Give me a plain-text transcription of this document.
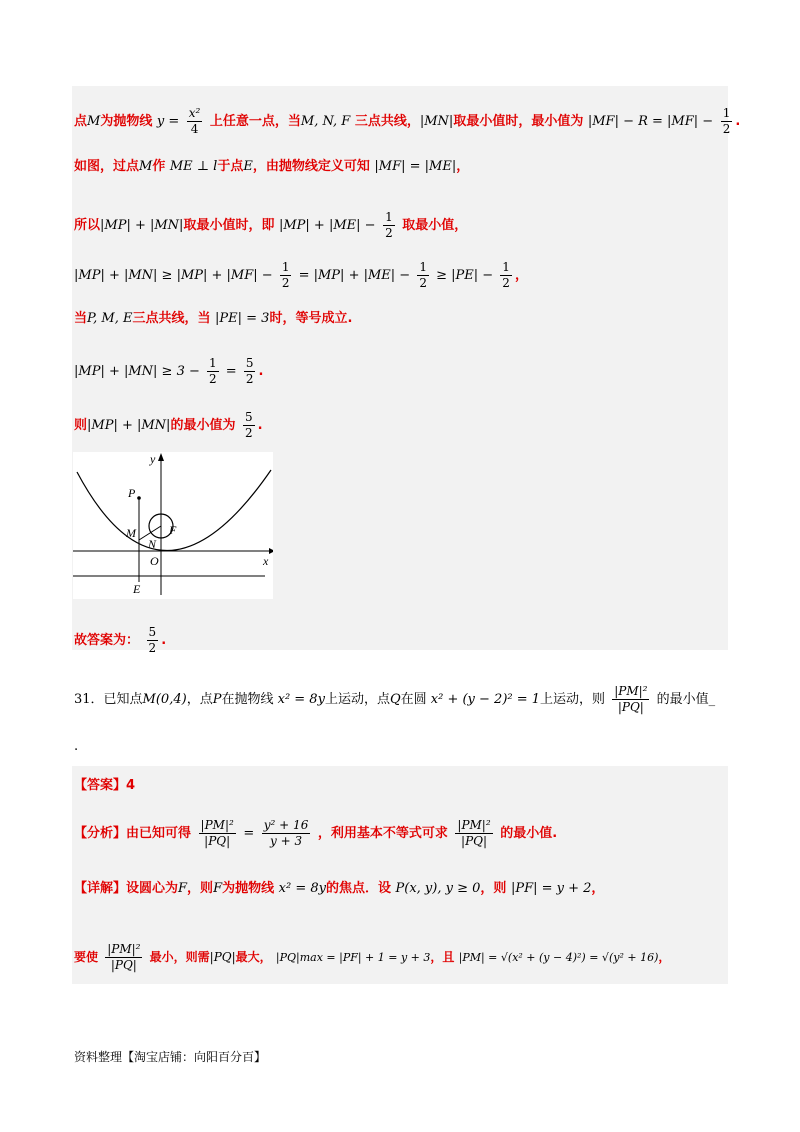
点M为抛物线 $y = \frac{\text{x²}}{4}$ 上任意一点，当M, N, F 三点共线，|MN|取最小值时，最小值为 $|MF| - R = |MF| - \frac{1}{2}$ .
如图，过点M作 ME ⊥ l于点E，由抛物线定义可知 |MF| = |ME|，
所以|MP| + |MN|取最小值时，即 $|MP| + |ME| - \frac{1}{2}$ 取最小值，
$|MP| + |MN| \ge |MP| + |MF| - \frac{1}{2} = |MP| + |ME| - \frac{1}{2} \ge |PE| - \frac{1}{2}$ ，
当P, M, E三点共线，当 |PE| = 3时，等号成立.
$|MP| + |MN| \ge 3 - \frac{1}{2} = \frac{5}{2}$ .
则|MP| + |MN|的最小值为 $\frac{5}{2}$ .
P
M	F
N
O
E
y
x
故答案为： $\frac{5}{2}$ .
31．已知点M(0,4)，点P在抛物线 x² = 8y上运动，点Q在圆 x² + (y − 2)² = 1上运动，则 $\frac{\text{|PM|²}}{|PQ|}$ 的最小值_
.
【答案】4
【分析】由已知可得 $\frac{\text{|PM|²}}{|PQ|} = \frac{\text{y² + 16}}{y + 3}$ ，利用基本不等式可求 $\frac{\text{|PM|²}}{|PQ|}$ 的最小值.
【详解】设圆心为F，则F为抛物线 x² = 8y的焦点．设 P(x, y), y ≥ 0，则 |PF| = y + 2，
要使 $\frac{\text{|PM|²}}{|PQ|}$ 最小，则需|PQ|最大， |PQ|max = |PF| + 1 = y + 3，且 |PM| = √(x² + (y − 4)²) = √(y² + 16)，
资料整理【淘宝店铺：向阳百分百】
